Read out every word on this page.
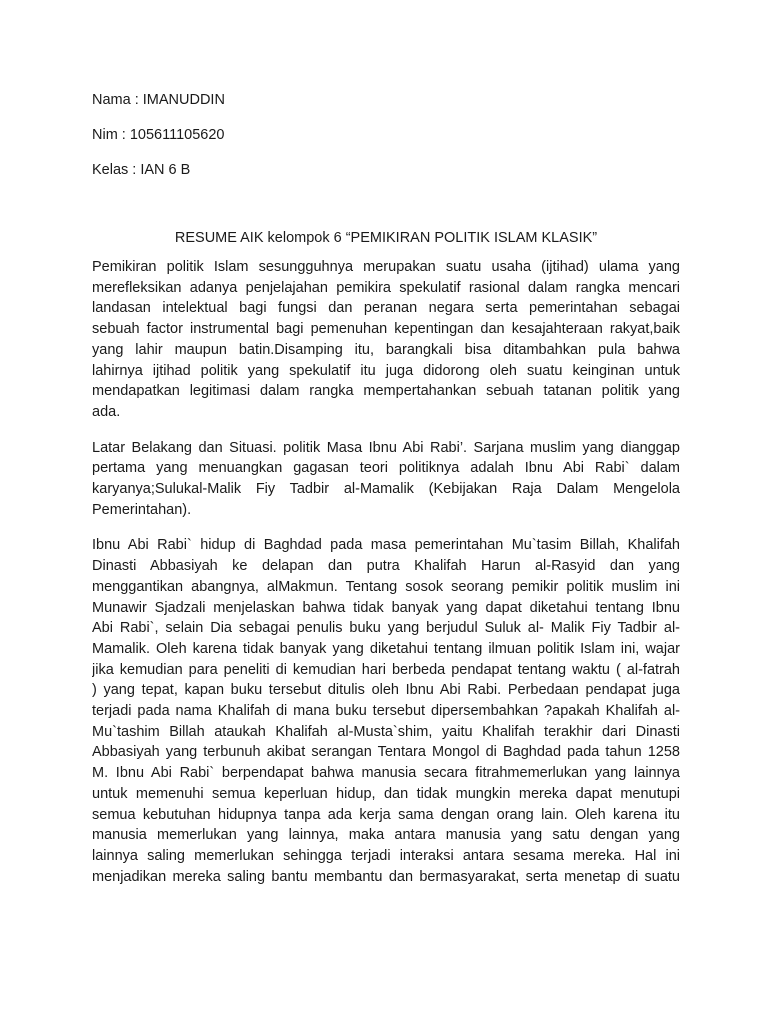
Nama : IMANUDDIN
Nim : 105611105620
Kelas : IAN 6 B
RESUME AIK kelompok 6 “PEMIKIRAN POLITIK ISLAM KLASIK”
Pemikiran politik Islam sesungguhnya merupakan suatu usaha (ijtihad) ulama yang
merefleksikan adanya penjelajahan pemikira spekulatif rasional dalam rangka mencari
landasan intelektual bagi fungsi dan peranan negara serta pemerintahan sebagai
sebuah factor instrumental bagi pemenuhan kepentingan dan kesajahteraan rakyat,baik
yang lahir maupun batin.Disamping itu, barangkali bisa ditambahkan pula bahwa
lahirnya ijtihad politik yang spekulatif itu juga didorong oleh suatu keinginan untuk
mendapatkan legitimasi dalam rangka mempertahankan sebuah tatanan politik yang
ada.
Latar Belakang dan Situasi. politik Masa Ibnu Abi Rabi’. Sarjana muslim yang dianggap
pertama yang menuangkan gagasan teori politiknya adalah Ibnu Abi Rabi` dalam
karyanya;Sulukal-Malik Fiy Tadbir al-Mamalik (Kebijakan Raja Dalam Mengelola
Pemerintahan).
Ibnu Abi Rabi` hidup di Baghdad pada masa pemerintahan Mu`tasim Billah, Khalifah
Dinasti Abbasiyah ke delapan dan putra Khalifah Harun al-Rasyid dan yang
menggantikan abangnya, alMakmun. Tentang sosok seorang pemikir politik muslim ini
Munawir Sjadzali menjelaskan bahwa tidak banyak yang dapat diketahui tentang Ibnu
Abi Rabi`, selain Dia sebagai penulis buku yang berjudul Suluk al- Malik Fiy Tadbir al-
Mamalik. Oleh karena tidak banyak yang diketahui tentang ilmuan politik Islam ini, wajar
jika kemudian para peneliti di kemudian hari berbeda pendapat tentang waktu ( al-fatrah
) yang tepat, kapan buku tersebut ditulis oleh Ibnu Abi Rabi. Perbedaan pendapat juga
terjadi pada nama Khalifah di mana buku tersebut dipersembahkan ?apakah Khalifah al-
Mu`tashim Billah ataukah Khalifah al-Musta`shim, yaitu Khalifah terakhir dari Dinasti
Abbasiyah yang terbunuh akibat serangan Tentara Mongol di Baghdad pada tahun 1258
M. Ibnu Abi Rabi` berpendapat bahwa manusia secara fitrahmemerlukan yang lainnya
untuk memenuhi semua keperluan hidup, dan tidak mungkin mereka dapat menutupi
semua kebutuhan hidupnya tanpa ada kerja sama dengan orang lain. Oleh karena itu
manusia memerlukan yang lainnya, maka antara manusia yang satu dengan yang
lainnya saling memerlukan sehingga terjadi interaksi antara sesama mereka. Hal ini
menjadikan mereka saling bantu membantu dan bermasyarakat, serta menetap di suatu
